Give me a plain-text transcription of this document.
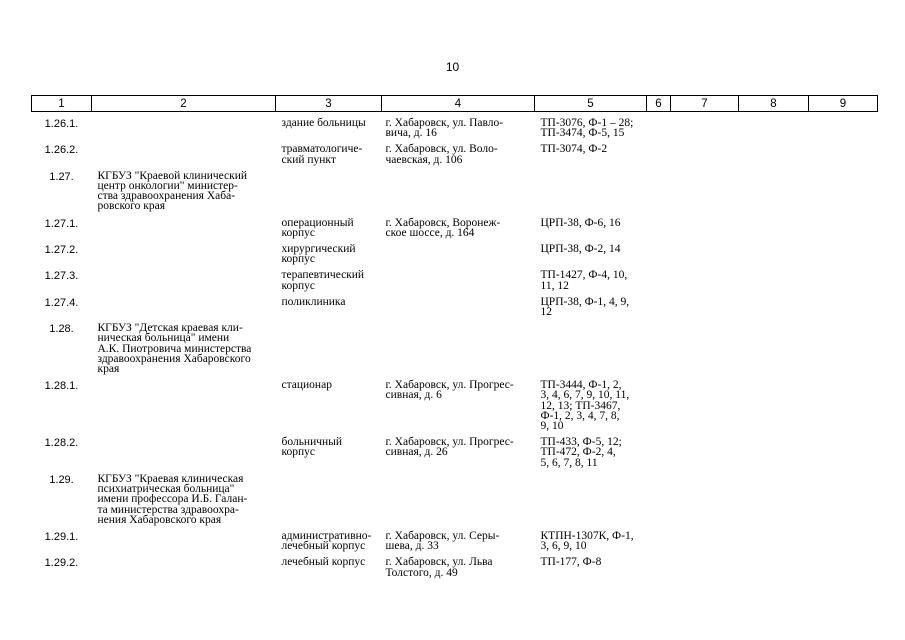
10
1	2	3	4	5	6	7	8	9

1.26.1.		здание больницы	г. Хабаровск, ул. Павло-
вича, д. 16	ТП-3076, Ф-1 – 28;
ТП-3474, Ф-5, 15				

1.26.2.		травматологиче-
ский пункт	г. Хабаровск, ул. Воло-
чаевская, д. 106	ТП-3074, Ф-2				

1.27.	КГБУЗ "Краевой клинический
центр онкологии" министер-
ства здравоохранения Хаба-
ровского края							

1.27.1.		операционный
корпус	г. Хабаровск, Воронеж-
ское шоссе, д. 164	ЦРП-38, Ф-6, 16				

1.27.2.		хирургический
корпус		ЦРП-38, Ф-2, 14				

1.27.3.		терапевтический
корпус		ТП-1427, Ф-4, 10,
11, 12				

1.27.4.		поликлиника		ЦРП-38, Ф-1, 4, 9,
12				

1.28.	КГБУЗ "Детская краевая кли-
ническая больница" имени
А.К. Пиотровича министерства
здравоохранения Хабаровского
края							

1.28.1.		стационар	г. Хабаровск, ул. Прогрес-
сивная, д. 6	ТП-3444, Ф-1, 2,
3, 4, 6, 7, 9, 10, 11,
12, 13; ТП-3467,
Ф-1, 2, 3, 4, 7, 8,
9, 10				

1.28.2.		больничный
корпус	г. Хабаровск, ул. Прогрес-
сивная, д. 26	ТП-433, Ф-5, 12;
ТП-472, Ф-2, 4,
5, 6, 7, 8, 11				

1.29.	КГБУЗ "Краевая клиническая
психиатрическая больница"
имени профессора И.Б. Галан-
та министерства здравоохра-
нения Хабаровского края							

1.29.1.		административно-
лечебный корпус	г. Хабаровск, ул. Серы-
шева, д. 33	КТПН-1307К, Ф-1,
3, 6, 9, 10				

1.29.2.		лечебный корпус	г. Хабаровск, ул. Льва
Толстого, д. 49	ТП-177, Ф-8				
